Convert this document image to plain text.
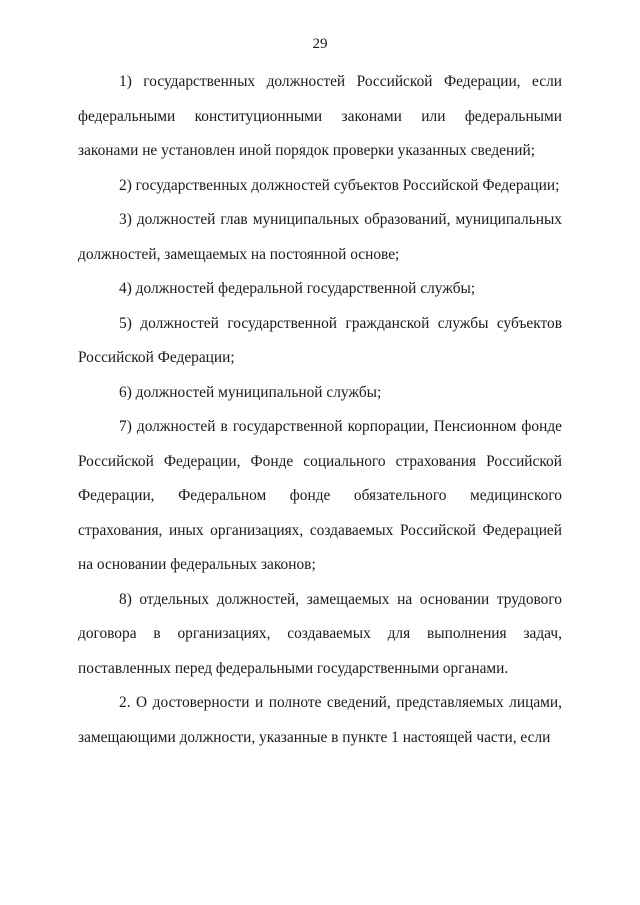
29

1) государственных должностей Российской Федерации, если федеральными конституционными законами или федеральными законами не установлен иной порядок проверки указанных сведений;

2) государственных должностей субъектов Российской Федерации;

3) должностей глав муниципальных образований, муниципальных должностей, замещаемых на постоянной основе;

4) должностей федеральной государственной службы;

5) должностей государственной гражданской службы субъектов Российской Федерации;

6) должностей муниципальной службы;

7) должностей в государственной корпорации, Пенсионном фонде Российской Федерации, Фонде социального страхования Российской Федерации, Федеральном фонде обязательного медицинского страхования, иных организациях, создаваемых Российской Федерацией на основании федеральных законов;

8) отдельных должностей, замещаемых на основании трудового договора в организациях, создаваемых для выполнения задач, поставленных перед федеральными государственными органами.

2. О достоверности и полноте сведений, представляемых лицами, замещающими должности, указанные в пункте 1 настоящей части, если
